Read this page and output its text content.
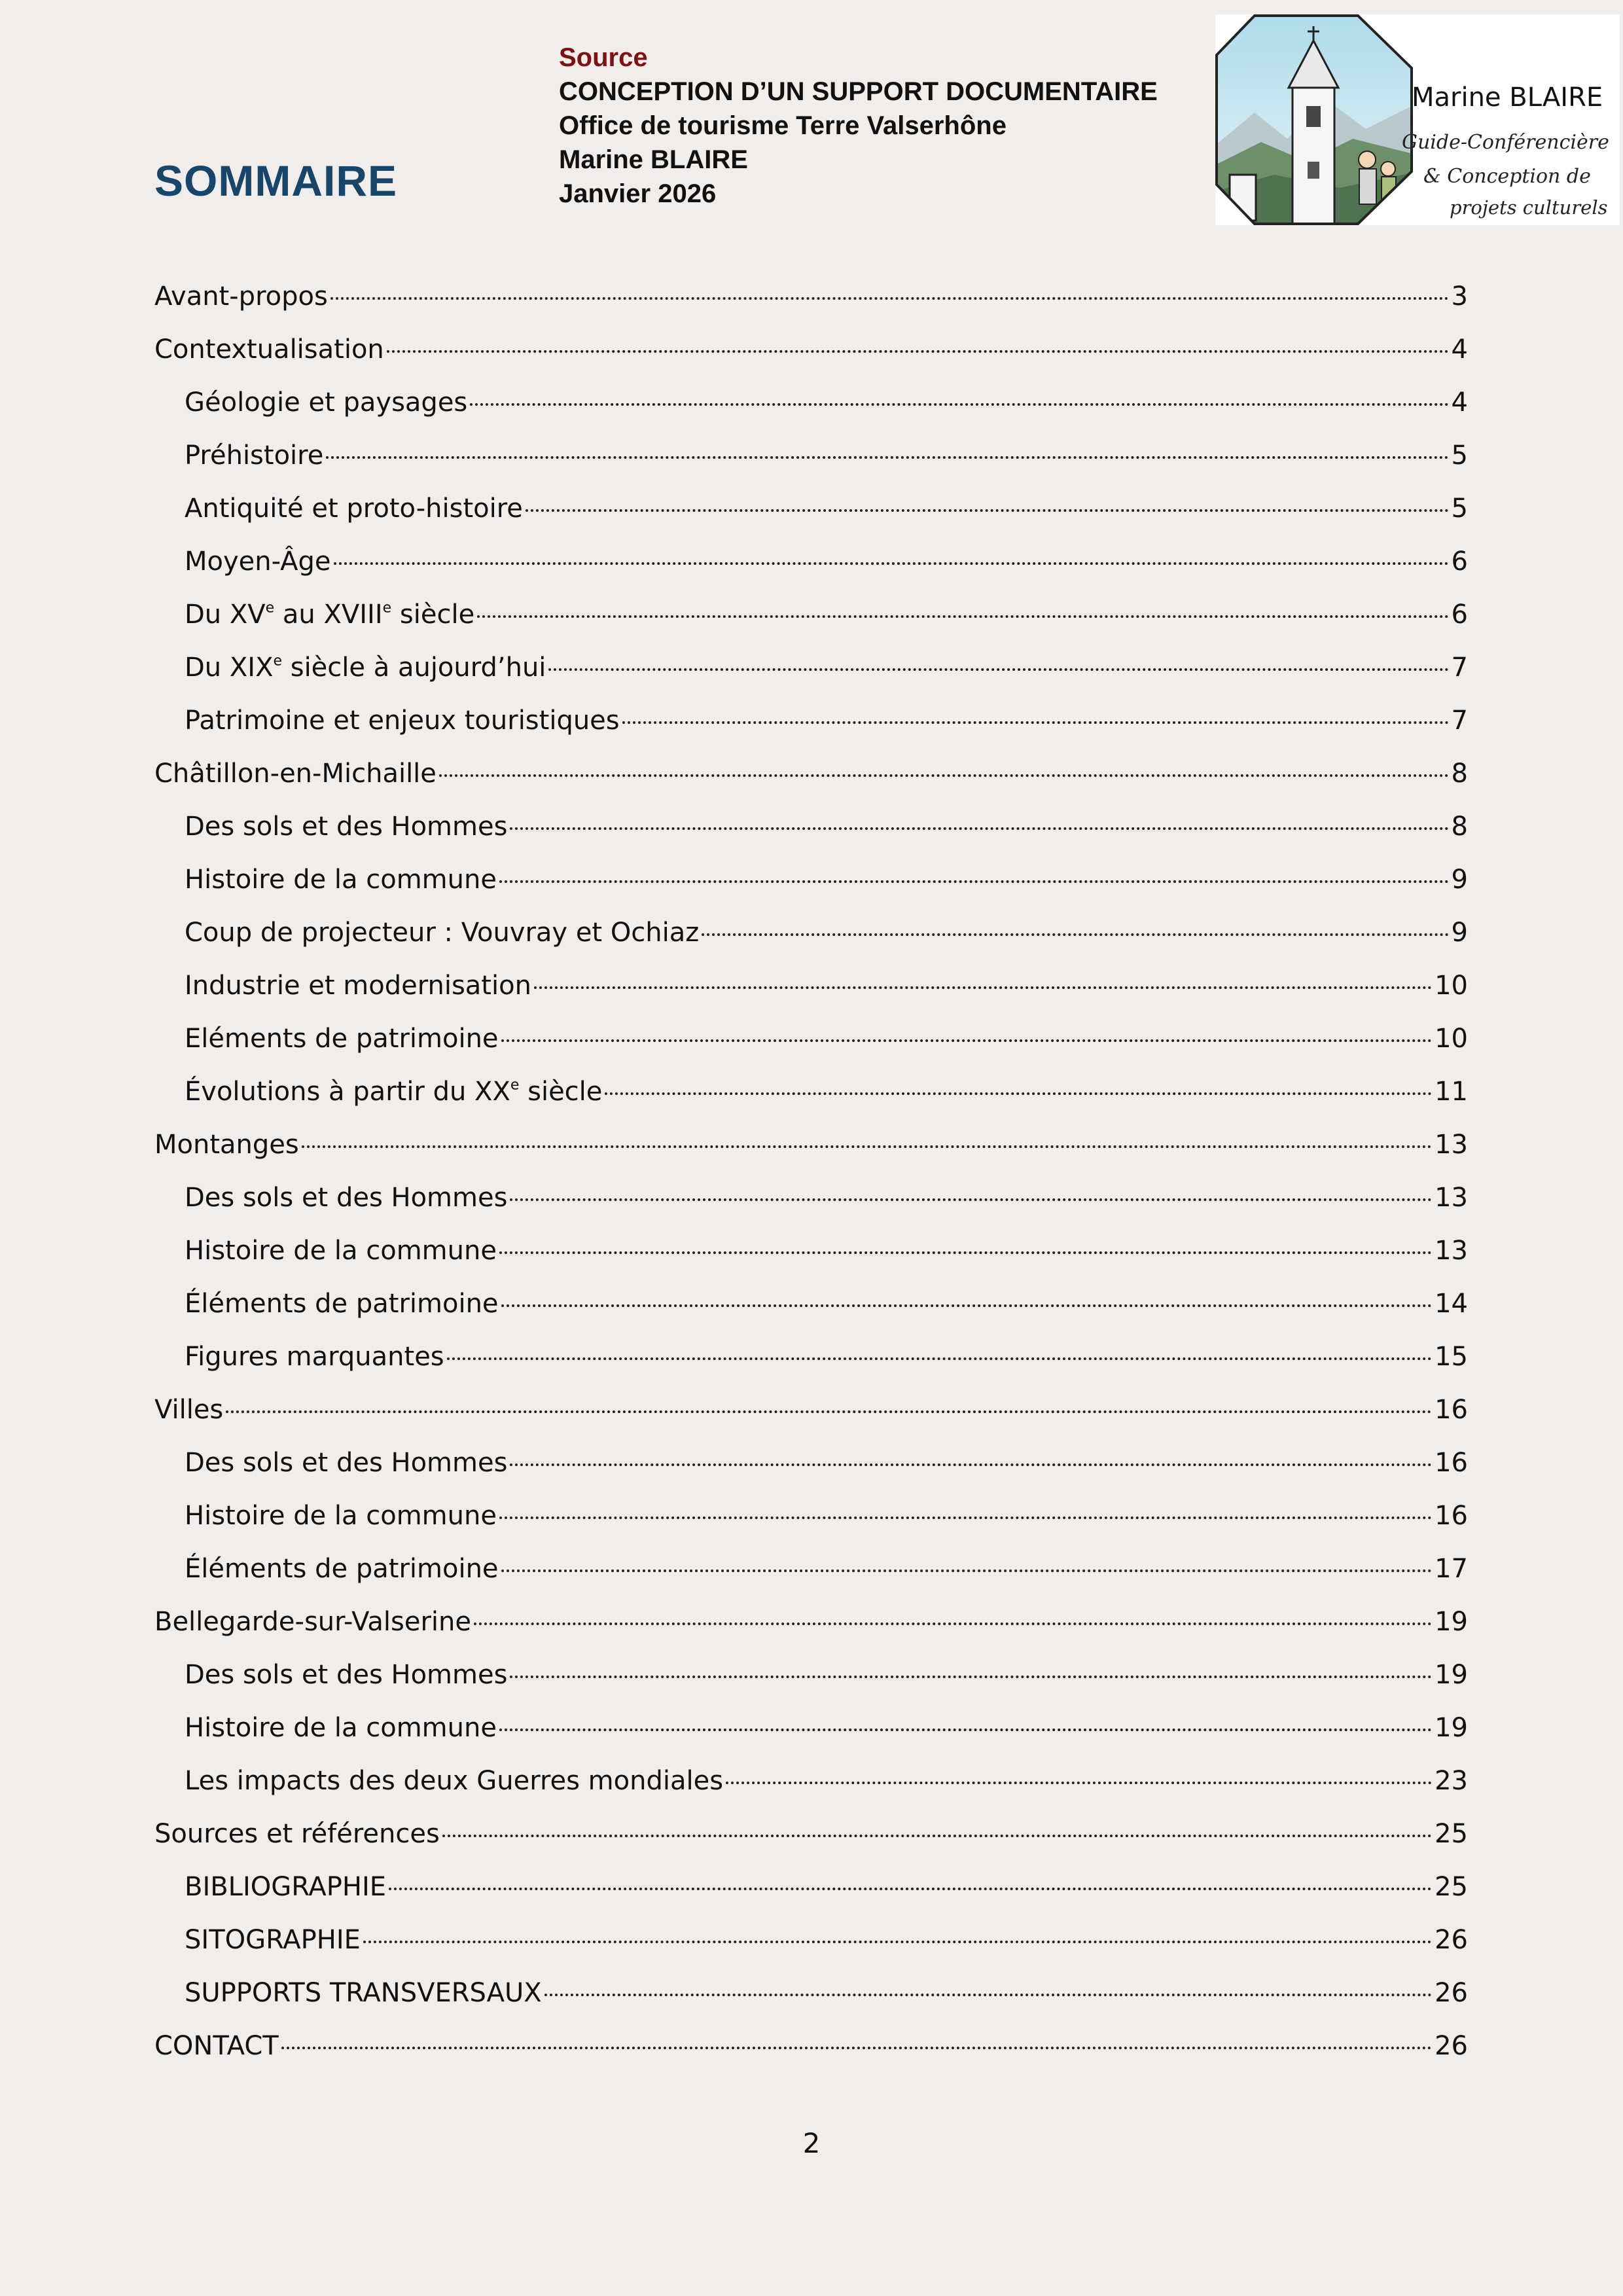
SOMMAIRE
Source
CONCEPTION D’UN SUPPORT DOCUMENTAIRE
Office de tourisme Terre Valserhône
Marine BLAIRE
Janvier 2026
Marine BLAIRE
Guide-Conférencière
& Conception de
projets culturels
Avant-propos	3
Contextualisation	4
Géologie et paysages	4
Préhistoire	5
Antiquité et proto-histoire	5
Moyen-Âge	6
Du XVe au XVIIIe siècle	6
Du XIXe siècle à aujourd’hui	7
Patrimoine et enjeux touristiques	7
Châtillon-en-Michaille	8
Des sols et des Hommes	8
Histoire de la commune	9
Coup de projecteur : Vouvray et Ochiaz	9
Industrie et modernisation	10
Eléments de patrimoine	10
Évolutions à partir du XXe siècle	11
Montanges	13
Des sols et des Hommes	13
Histoire de la commune	13
Éléments de patrimoine	14
Figures marquantes	15
Villes	16
Des sols et des Hommes	16
Histoire de la commune	16
Éléments de patrimoine	17
Bellegarde-sur-Valserine	19
Des sols et des Hommes	19
Histoire de la commune	19
Les impacts des deux Guerres mondiales	23
Sources et références	25
BIBLIOGRAPHIE	25
SITOGRAPHIE	26
SUPPORTS TRANSVERSAUX	26
CONTACT	26
2
